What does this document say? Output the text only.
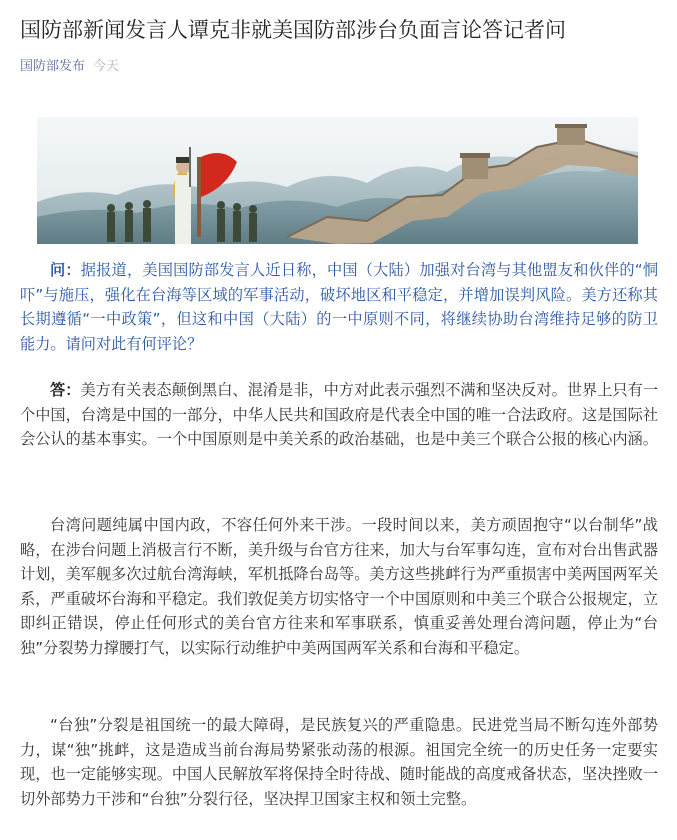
国防部新闻发言人谭克非就美国防部涉台负面言论答记者问
国防部发布 今天

问：据报道，美国国防部发言人近日称，中国（大陆）加强对台湾与其他盟友和伙伴的“恫吓”与施压，强化在台海等区域的军事活动，破坏地区和平稳定，并增加误判风险。美方还称其长期遵循“一中政策”，但这和中国（大陆）的一中原则不同，将继续协助台湾维持足够的防卫能力。请问对此有何评论？

答：美方有关表态颠倒黑白、混淆是非，中方对此表示强烈不满和坚决反对。世界上只有一个中国，台湾是中国的一部分，中华人民共和国政府是代表全中国的唯一合法政府。这是国际社会公认的基本事实。一个中国原则是中美关系的政治基础，也是中美三个联合公报的核心内涵。

台湾问题纯属中国内政，不容任何外来干涉。一段时间以来，美方顽固抱守“以台制华”战略，在涉台问题上消极言行不断，美升级与台官方往来，加大与台军事勾连，宣布对台出售武器计划，美军舰多次过航台湾海峡，军机抵降台岛等。美方这些挑衅行为严重损害中美两国两军关系，严重破坏台海和平稳定。我们敦促美方切实恪守一个中国原则和中美三个联合公报规定，立即纠正错误，停止任何形式的美台官方往来和军事联系，慎重妥善处理台湾问题，停止为“台独”分裂势力撑腰打气，以实际行动维护中美两国两军关系和台海和平稳定。

“台独”分裂是祖国统一的最大障碍，是民族复兴的严重隐患。民进党当局不断勾连外部势力，谋“独”挑衅，这是造成当前台海局势紧张动荡的根源。祖国完全统一的历史任务一定要实现，也一定能够实现。中国人民解放军将保持全时待战、随时能战的高度戒备状态，坚决挫败一切外部势力干涉和“台独”分裂行径，坚决捍卫国家主权和领土完整。
